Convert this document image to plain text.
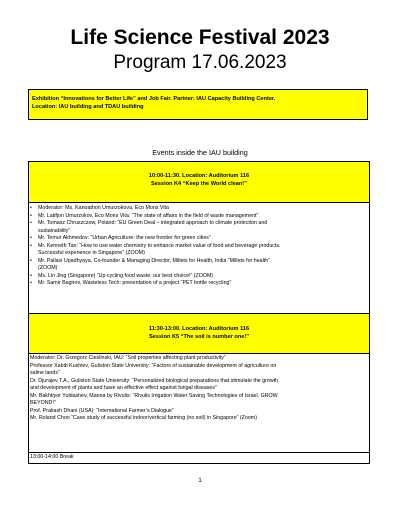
Life Science Festival 2023
Program 17.06.2023
Exhibition “Innovations for Better Life” and Job Fair. Partner: IAU Capacity Building Center.
Location: IAU building and TDAU building
Events inside the IAU building
10:00-11:30. Location: Auditorium 116
Session K4 “Keep the World clean!”
• Moderator: Ms. Kanoathon Umurzokova, Eco Mons Vita
• Mr. Latifjon Umurzokov, Eco Mons Vita: “The state of affairs in the field of waste management”
• Mr. Tomasz Chruszczow, Poland: “EU Green Deal – integrated approach to climate protection and
sustainability”
• Mr. Temur Akhmedov: “Urban Agriculture: the new frontier for green cities”
• Mr. Kenneth Tan: “How to use water chemistry to enhance market value of food and beverage products.
Successful experience in Singapore” (ZOOM)
• Mr. Pallavi Upadhyaya, Co-founder & Managing Director, Millets for Health, India “Millets for health”
(ZOOM)
• Ms. Lin Jing (Singapore) “Up cycling food waste: our best choice!” (ZOOM)
• Mr. Samir Bagirov, Wasteless Tech: presentation of a project “PET bottle recycling”
11:30-13:00. Location: Auditorium 116
Session K5 “The soil is number one!”

Moderator: Dr. Grzegorz Cieslinski, IAU: “Soil properties affecting plant productivity”

Professor Xabib Kushiev, Guliston State University: “Factors of sustainable development of agriculture on

saline lands”

Dr. Djurajev T.A., Guliston State University: “Personalized biological preparations that stimulate the growth

and development of plants and have an effective effect against fungal diseases”

Mr. Bakhtiyor Yuldashev, Manna by Rivulis: “Rivulis Irrigation Water Saving Technologies of Israel. GROW

BEYOND!”

Prof. Prakash Dhani (USA): “International Farmer’s Dialogue”

Mr. Roland Choo “Case study of successful indoor/vertical farming (no soil) in Singapore” (Zoom)

13:00-14:00 Break

1
